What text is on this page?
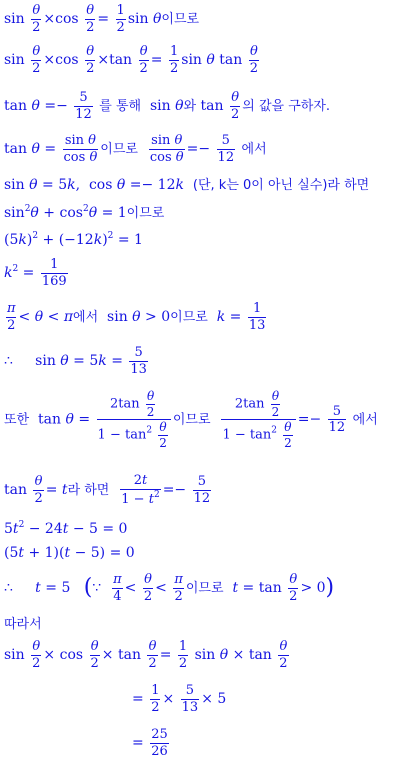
$\sin \frac{\theta}{2} \times\cos \frac{\theta}{2} = \frac{1}{2}$ sin θ이므로
$\sin \frac{\theta}{2} \times\cos \frac{\theta}{2} \times\tan \frac{\theta}{2} = \frac{1}{2}$ sin θ $\tan \frac{\theta}{2}$
$\tan \theta =- \frac{5}{12}$ 를 통해  sin θ와 $\tan \frac{\theta}{2}$ 의 값을 구하자.
$\tan \theta = \frac{\text{sin θ}}{\text{cos θ}}$ 이므로 $\frac{\text{sin θ}}{\text{cos θ}} =- \frac{5}{12}$ 에서
sin θ = 5k,  cos θ =− 12k (단, k는 0이 아닌 실수)라 하면
$\sin^2\theta + \cos^2\theta = 1$이므로
$(5k)^2 + (-12k)^2 = 1$
$k^2 = \frac{1}{169}$
$\frac{\pi}{2} < \theta < \pi$에서  sin θ > 0이므로 $k = \frac{1}{13}$
∴     $\sin \theta = 5k = \frac{5}{13}$
또한  $\tan \theta = \frac{2\tan \frac{\theta}{2}}{1 - \tan^2 \frac{\theta}{2}}$ 이므로 $\frac{2\tan \frac{\theta}{2}}{1 - \tan^2 \frac{\theta}{2}} =- \frac{5}{12}$ 에서
$\tan \frac{\theta}{2} = t$라 하면 $\frac{2t}{1 - t^2} =- \frac{5}{12}$
$5t^2 - 24t - 5 = 0$
(5t + 1)(t − 5) = 0
∴     t = 5   (∵ $\frac{\pi}{4} < \frac{\theta}{2} < \frac{\pi}{2}$ 이므로 $t = \tan \frac{\theta}{2} > 0$)
따라서
$\sin \frac{\theta}{2} \times \cos \frac{\theta}{2} \times \tan \frac{\theta}{2} = \frac{1}{2}$ $\sin \theta \times \tan \frac{\theta}{2}$
= $\frac{1}{2} \times \frac{5}{13} \times 5$
= $\frac{25}{26}$
